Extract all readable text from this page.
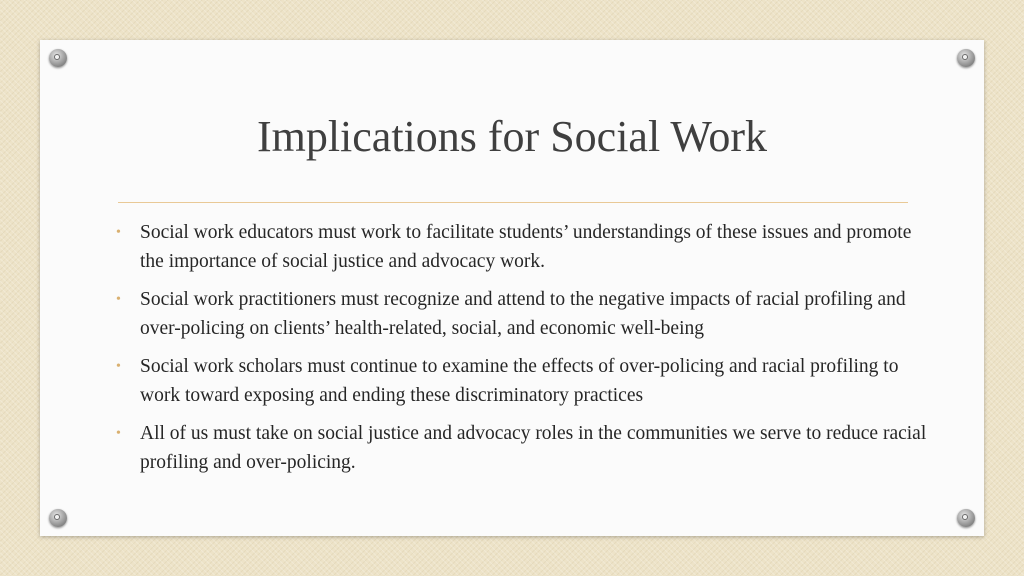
Implications for Social Work
• Social work educators must work to facilitate students’ understandings of these issues and promote the importance of social justice and advocacy work.
• Social work practitioners must recognize and attend to the negative impacts of racial profiling and over-policing on clients’ health-related, social, and economic well-being
• Social work scholars must continue to examine the effects of over-policing and racial profiling to work toward exposing and ending these discriminatory practices
• All of us must take on social justice and advocacy roles in the communities we serve to reduce racial profiling and over-policing.
